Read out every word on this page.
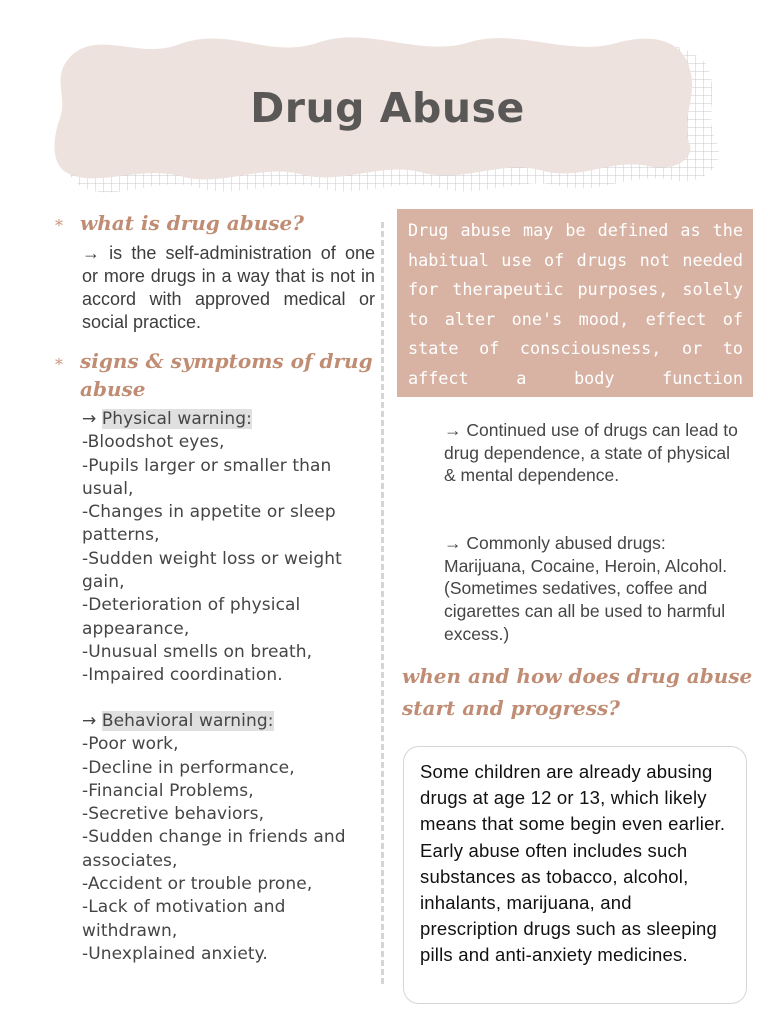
Drug Abuse
* what is drug abuse?
→ is the self-administration of one or more drugs in a way that is not in accord with approved medical or social practice.
* signs & symptoms of drug
abuse
→ Physical warning:
-Bloodshot eyes,
-Pupils larger or smaller than usual,
-Changes in appetite or sleep patterns,
-Sudden weight loss or weight gain,
-Deterioration of physical appearance,
-Unusual smells on breath,
-Impaired coordination.
→ Behavioral warning:
-Poor work,
-Decline in performance,
-Financial Problems,
-Secretive behaviors,
-Sudden change in friends and associates,
-Accident or trouble prone,
-Lack of motivation and withdrawn,
-Unexplained anxiety.
Drug abuse may be defined as the habitual use of drugs not needed for therapeutic purposes, solely to alter one's mood, effect of state of consciousness, or to affect a body function unnecessarily.
→ Continued use of drugs can lead to drug dependence, a state of physical & mental dependence.
→ Commonly abused drugs: Marijuana, Cocaine, Heroin, Alcohol. (Sometimes sedatives, coffee and cigarettes can all be used to harmful excess.)
when and how does drug abuse
start and progress?
Some children are already abusing drugs at age 12 or 13, which likely means that some begin even earlier. Early abuse often includes such substances as tobacco, alcohol, inhalants, marijuana, and prescription drugs such as sleeping pills and anti-anxiety medicines.
